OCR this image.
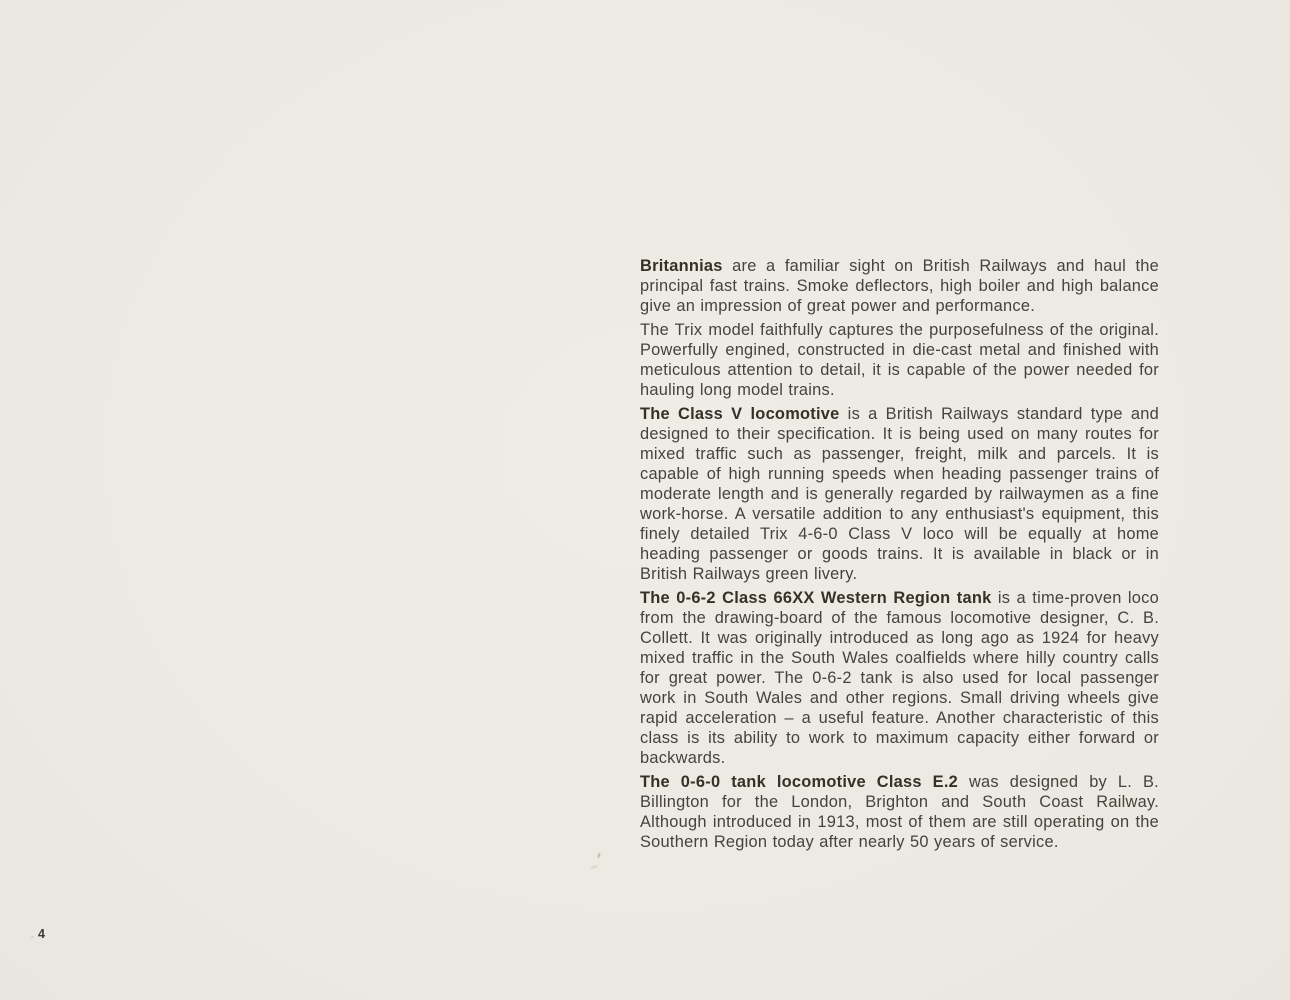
Britannias are a familiar sight on British Railways and haul the principal fast trains. Smoke deflectors, high boiler and high balance give an impression of great power and performance.

The Trix model faithfully captures the purposefulness of the original. Powerfully engined, constructed in die-cast metal and finished with meticulous attention to detail, it is capable of the power needed for hauling long model trains.

The Class V locomotive is a British Railways standard type and designed to their specification. It is being used on many routes for mixed traffic such as passenger, freight, milk and parcels. It is capable of high running speeds when heading passenger trains of moderate length and is generally regarded by railwaymen as a fine work-horse. A versatile addition to any enthusiast's equipment, this finely detailed Trix 4-6-0 Class V loco will be equally at home heading passenger or goods trains. It is available in black or in British Railways green livery.

The 0-6-2 Class 66XX Western Region tank is a time-proven loco from the drawing-board of the famous locomotive designer, C. B. Collett. It was originally introduced as long ago as 1924 for heavy mixed traffic in the South Wales coalfields where hilly country calls for great power. The 0-6-2 tank is also used for local passenger work in South Wales and other regions. Small driving wheels give rapid acceleration – a useful feature. Another characteristic of this class is its ability to work to maximum capacity either forward or backwards.

The 0-6-0 tank locomotive Class E.2 was designed by L. B. Billington for the London, Brighton and South Coast Railway. Although introduced in 1913, most of them are still operating on the Southern Region today after nearly 50 years of service.

4
